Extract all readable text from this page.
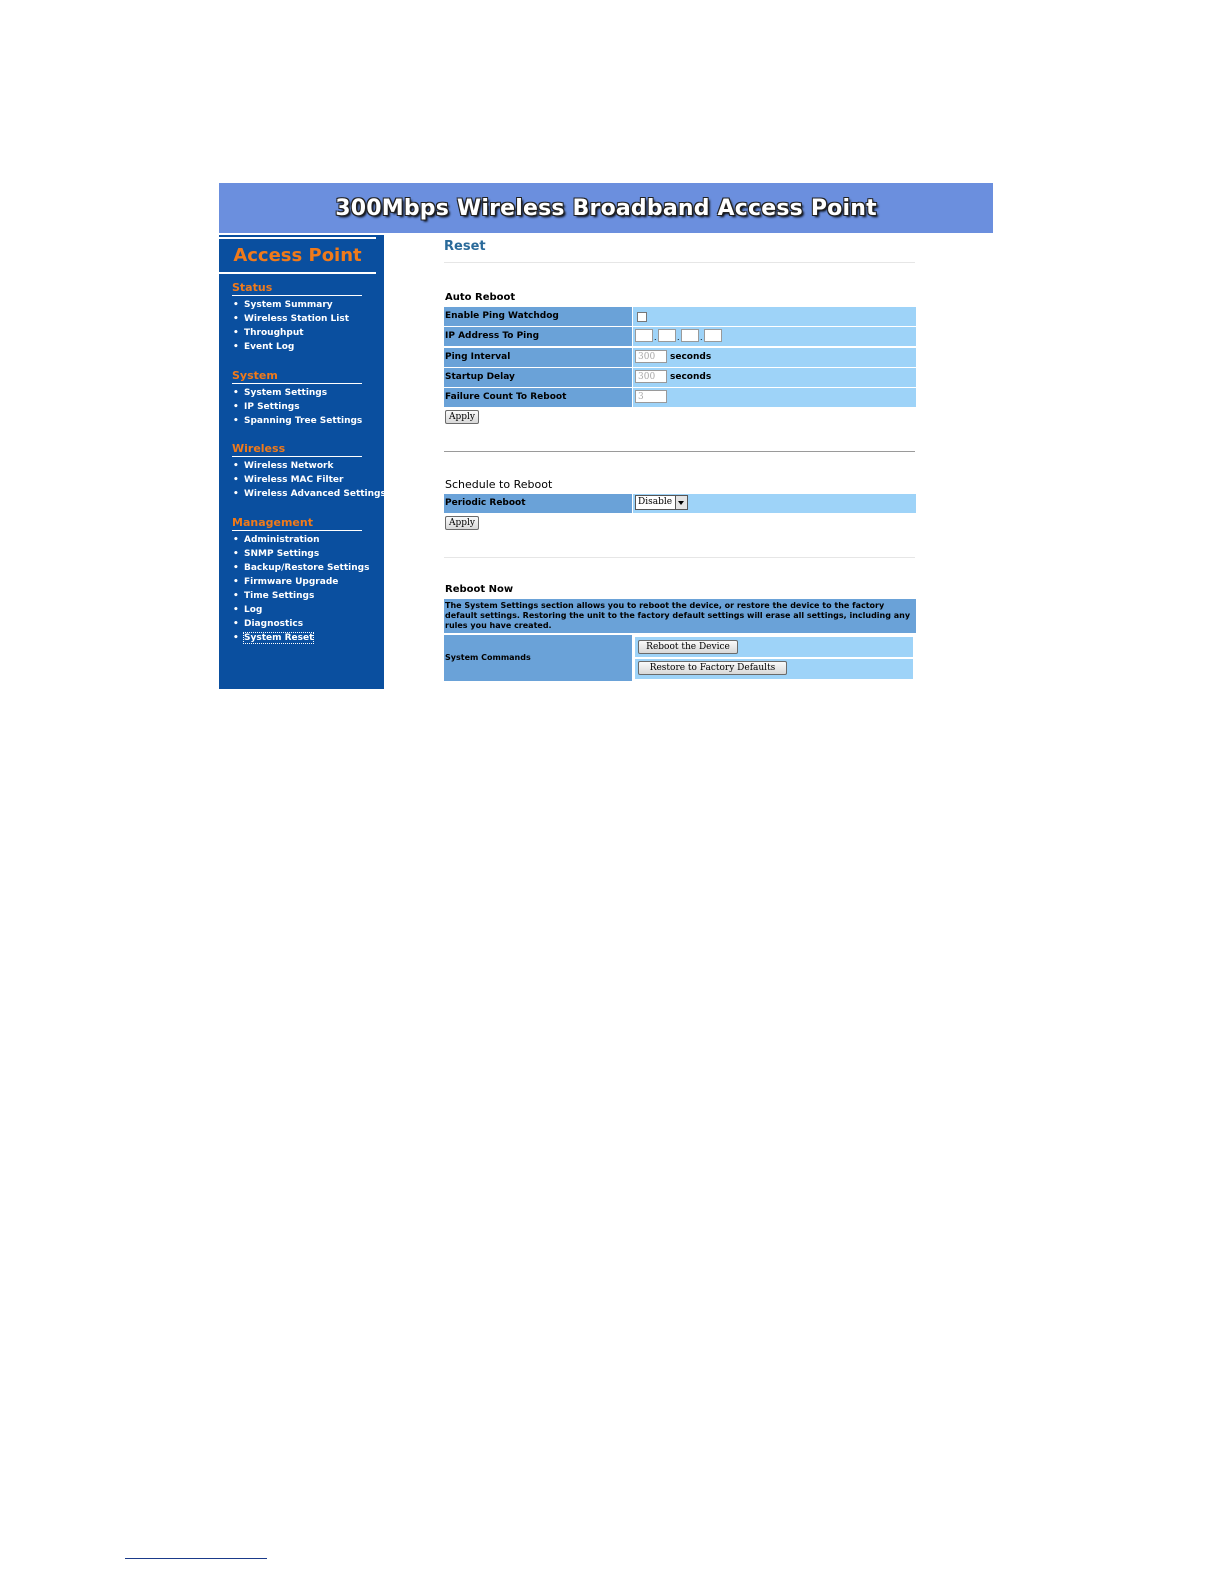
300Mbps Wireless Broadband Access Point
Access Point
Status
• System Summary
• Wireless Station List
• Throughput
• Event Log
System
• System Settings
• IP Settings
• Spanning Tree Settings
Wireless
• Wireless Network
• Wireless MAC Filter
• Wireless Advanced Settings
Management
• Administration
• SNMP Settings
• Backup/Restore Settings
• Firmware Upgrade
• Time Settings
• Log
• Diagnostics
• System Reset
Reset
Auto Reboot
Enable Ping Watchdog
IP Address To Ping	. . .
Ping Interval	300	seconds
Startup Delay	300	seconds
Failure Count To Reboot	3
Apply
Schedule to Reboot
Periodic Reboot	Disable
Apply
Reboot Now
The System Settings section allows you to reboot the device, or restore the device to the factory default settings. Restoring the unit to the factory default settings will erase all settings, including any rules you have created.
System Commands
Reboot the Device
Restore to Factory Defaults
